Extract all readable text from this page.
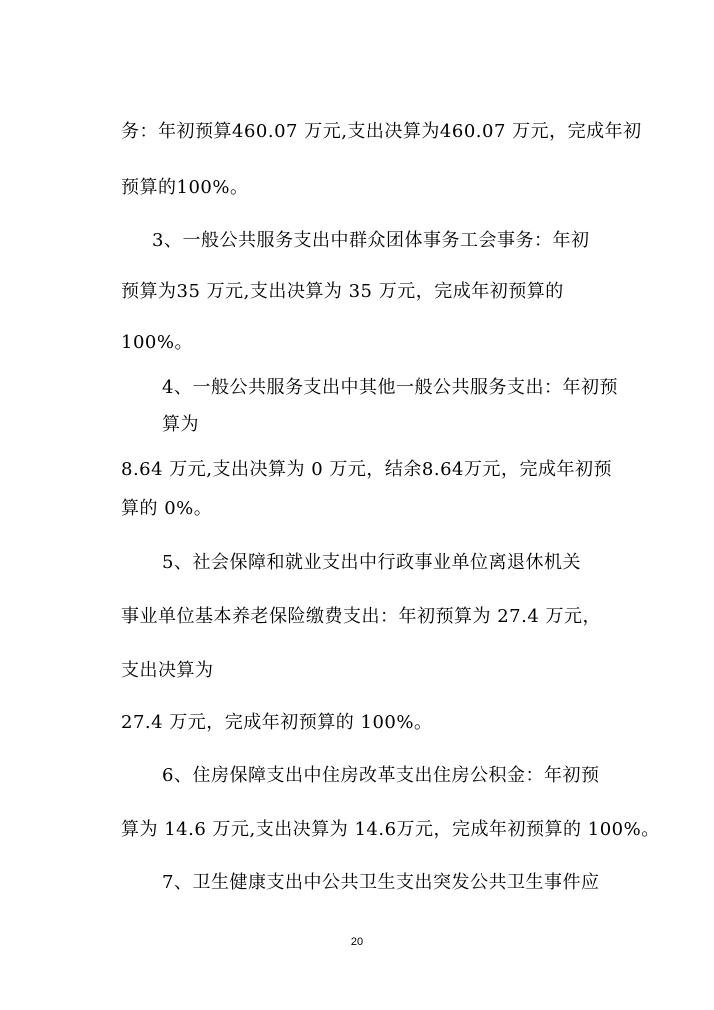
务：年初预算460.07 万元,支出决算为460.07 万元，完成年初
预算的100%。
3、一般公共服务支出中群众团体事务工会事务：年初
预算为35 万元,支出决算为 35 万元，完成年初预算的
100%。
4、一般公共服务支出中其他一般公共服务支出：年初预
算为
8.64 万元,支出决算为 0 万元，结余8.64万元，完成年初预
算的 0%。
5、社会保障和就业支出中行政事业单位离退休机关
事业单位基本养老保险缴费支出：年初预算为 27.4 万元，
支出决算为
27.4 万元，完成年初预算的 100%。
6、住房保障支出中住房改革支出住房公积金：年初预
算为 14.6 万元,支出决算为 14.6万元，完成年初预算的 100%。
7、卫生健康支出中公共卫生支出突发公共卫生事件应
20
